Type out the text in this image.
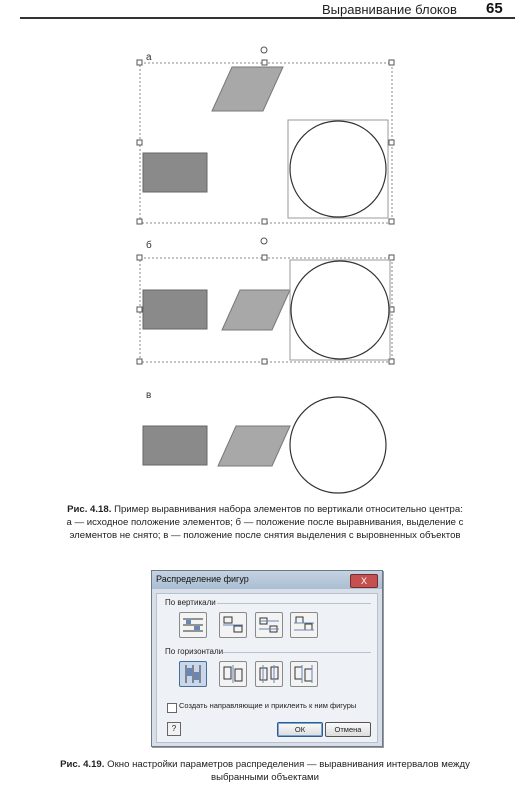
Выравнивание блоков 65
а
б
в
Рис. 4.18. Пример выравнивания набора элементов по вертикали относительно центра:
а — исходное положение элементов; б — положение после выравнивания, выделение с
элементов не снято; в — положение после снятия выделения с выровненных объектов
Распределение фигур	X
По вертикали
По горизонтали
Создать направляющие и приклеить к ним фигуры
?	ОК	Отмена
Рис. 4.19. Окно настройки параметров распределения — выравнивания интервалов между
выбранными объектами
